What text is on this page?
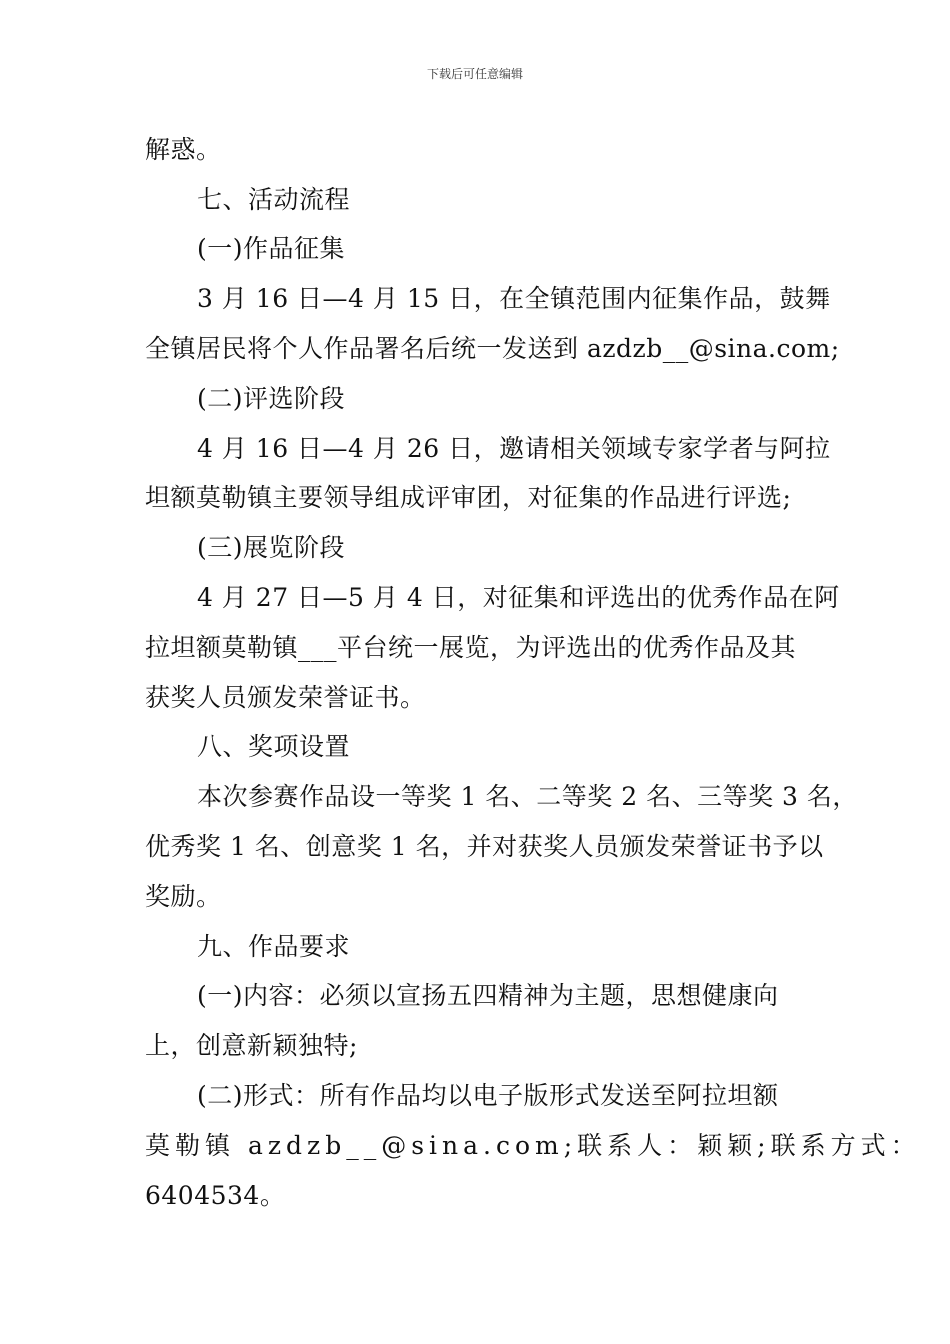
下载后可任意编辑
解惑。
七、活动流程
(一)作品征集
3 月 16 日—4 月 15 日，在全镇范围内征集作品，鼓舞
全镇居民将个人作品署名后统一发送到 azdzb__@sina.com;
(二)评选阶段
4 月 16 日—4 月 26 日，邀请相关领域专家学者与阿拉
坦额莫勒镇主要领导组成评审团，对征集的作品进行评选;
(三)展览阶段
4 月 27 日—5 月 4 日，对征集和评选出的优秀作品在阿
拉坦额莫勒镇___平台统一展览，为评选出的优秀作品及其
获奖人员颁发荣誉证书。
八、奖项设置
本次参赛作品设一等奖 1 名、二等奖 2 名、三等奖 3 名，
优秀奖 1 名、创意奖 1 名，并对获奖人员颁发荣誉证书予以
奖励。
九、作品要求
(一)内容：必须以宣扬五四精神为主题，思想健康向
上，创意新颖独特;
(二)形式：所有作品均以电子版形式发送至阿拉坦额
莫勒镇 azdzb__@sina.com;联系人：颖颖;联系方式：
6404534。
